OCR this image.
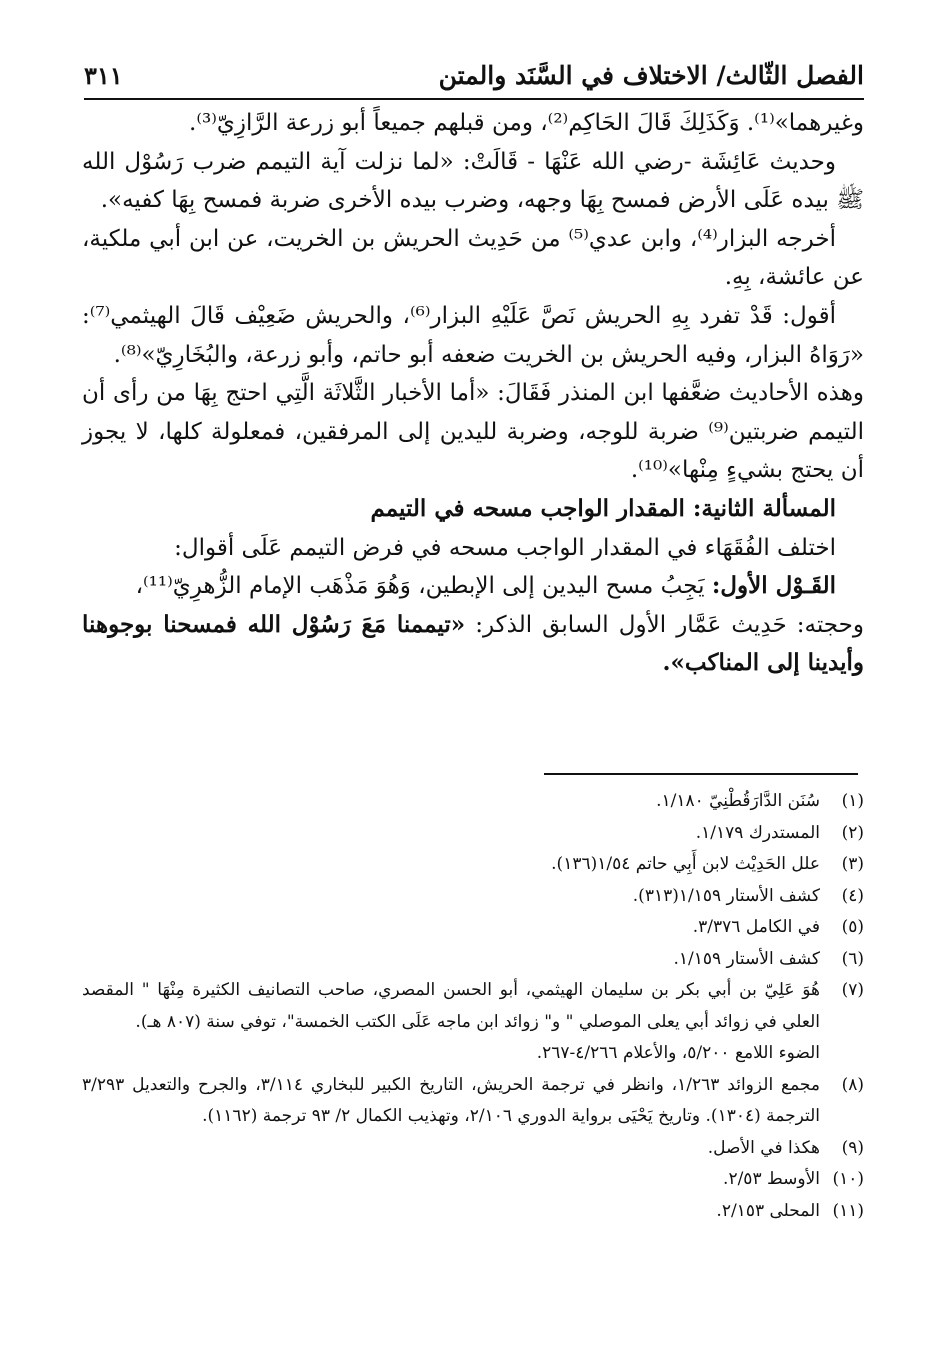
٣١١	الفصل الثّالث/ الاختلاف في السَّنَد والمتن

وغيرهما»⁽¹⁾. وَكَذَلِكَ قَالَ الحَاكِم⁽²⁾، ومن قبلهم جميعاً أبو زرعة الرَّازِيّ⁽³⁾.

وحديث عَائِشَة -رضي الله عَنْهَا - قَالَتْ: «لما نزلت آية التيمم ضرب رَسُوْل الله ﷺ بيده عَلَى الأرض فمسح بِهَا وجهه، وضرب بيده الأخرى ضربة فمسح بِهَا كفيه».

أخرجه البزار⁽⁴⁾، وابن عدي⁽⁵⁾ من حَدِيث الحريش بن الخريت، عن ابن أبي ملكية، عن عائشة، بِهِ.

أقول: قَدْ تفرد بِهِ الحريش نَصَّ عَلَيْهِ البزار⁽⁶⁾، والحريش ضَعِيْف قَالَ الهيثمي⁽⁷⁾: «رَوَاهُ البزار، وفيه الحريش بن الخريت ضعفه أبو حاتم، وأبو زرعة، والبُخَارِيّ»⁽⁸⁾.

وهذه الأحاديث ضعَّفها ابن المنذر فَقَالَ: «أما الأخبار الثَّلاثَة الَّتِي احتج بِهَا من رأى أن التيمم ضربتين⁽⁹⁾ ضربة للوجه، وضربة لليدين إلى المرفقين، فمعلولة كلها، لا يجوز أن يحتج بشيءٍ مِنْها»⁽¹⁰⁾.

المسألة الثانية: المقدار الواجب مسحه في التيمم

اختلف الفُقَهَاء في المقدار الواجب مسحه في فرض التيمم عَلَى أقوال:

القَـوْل الأول: يَجِبُ مسح اليدين إلى الإبطين، وَهُوَ مَذْهَب الإمام الزُّهرِيّ⁽¹¹⁾،

وحجته: حَدِيث عَمَّار الأول السابق الذكر: «تيممنا مَعَ رَسُوْل الله فمسحنا بوجوهنا وأيدينا إلى المناكب».

(١)
سُنَن الدَّارَقُطْنِيّ ١/١٨٠.
(٢)
المستدرك ١/١٧٩.
(٣)
علل الحَدِيْث لابن أَبِي حاتم ١/٥٤(١٣٦).
(٤)
كشف الأستار ١/١٥٩(٣١٣).
(٥)
في الكامل ٣/٣٧٦.
(٦)
كشف الأستار ١/١٥٩.
(٧)
هُوَ عَلِيّ بن أبي بكر بن سليمان الهيثمي، أبو الحسن المصري، صاحب التصانيف الكثيرة مِنْهَا " المقصد العلي في زوائد أبي يعلى الموصلي " و" زوائد ابن ماجه عَلَى الكتب الخمسة"، توفي سنة (٨٠٧ هـ).
الضوء اللامع ٥/٢٠٠، والأعلام ٤/٢٦٦-٢٦٧.
(٨)
مجمع الزوائد ١/٢٦٣، وانظر في ترجمة الحريش، التاريخ الكبير للبخاري ٣/١١٤، والجرح والتعديل ٣/٢٩٣ الترجمة (١٣٠٤). وتاريخ يَحْيَى برواية الدوري ٢/١٠٦، وتهذيب الكمال ٢/ ٩٣ ترجمة (١١٦٢).
(٩)
هكذا في الأصل.
(١٠)
الأوسط ٢/٥٣.
(١١)
المحلى ٢/١٥٣.
